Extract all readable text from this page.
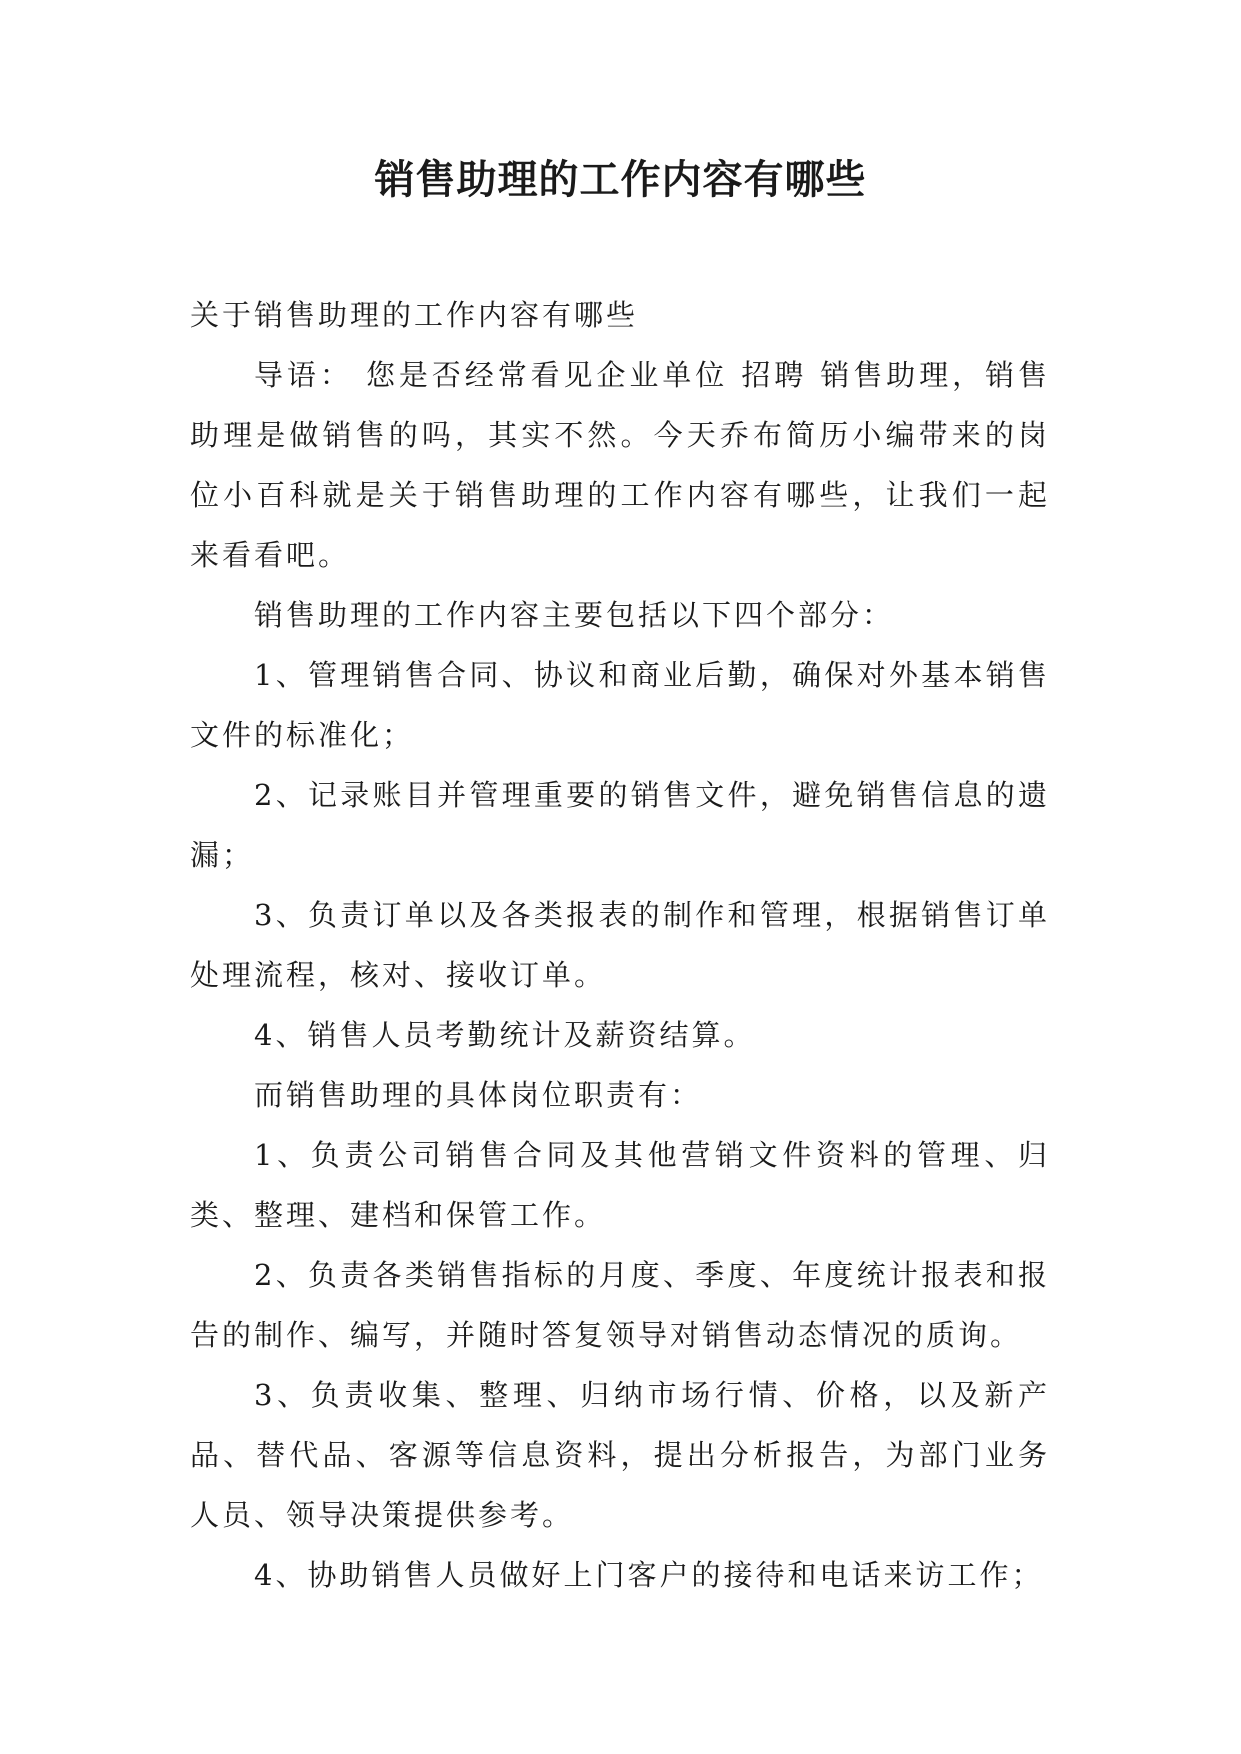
销售助理的工作内容有哪些

关于销售助理的工作内容有哪些

导语： 您是否经常看见企业单位 招聘 销售助理，销售助理是做销售的吗，其实不然。今天乔布简历小编带来的岗位小百科就是关于销售助理的工作内容有哪些，让我们一起来看看吧。

销售助理的工作内容主要包括以下四个部分：

1、管理销售合同、协议和商业后勤，确保对外基本销售文件的标准化；

2、记录账目并管理重要的销售文件，避免销售信息的遗漏；

3、负责订单以及各类报表的制作和管理，根据销售订单处理流程，核对、接收订单。

4、销售人员考勤统计及薪资结算。

而销售助理的具体岗位职责有：

1、负责公司销售合同及其他营销文件资料的管理、归类、整理、建档和保管工作。

2、负责各类销售指标的月度、季度、年度统计报表和报告的制作、编写，并随时答复领导对销售动态情况的质询。

3、负责收集、整理、归纳市场行情、价格，以及新产品、替代品、客源等信息资料，提出分析报告，为部门业务人员、领导决策提供参考。

4、协助销售人员做好上门客户的接待和电话来访工作；
